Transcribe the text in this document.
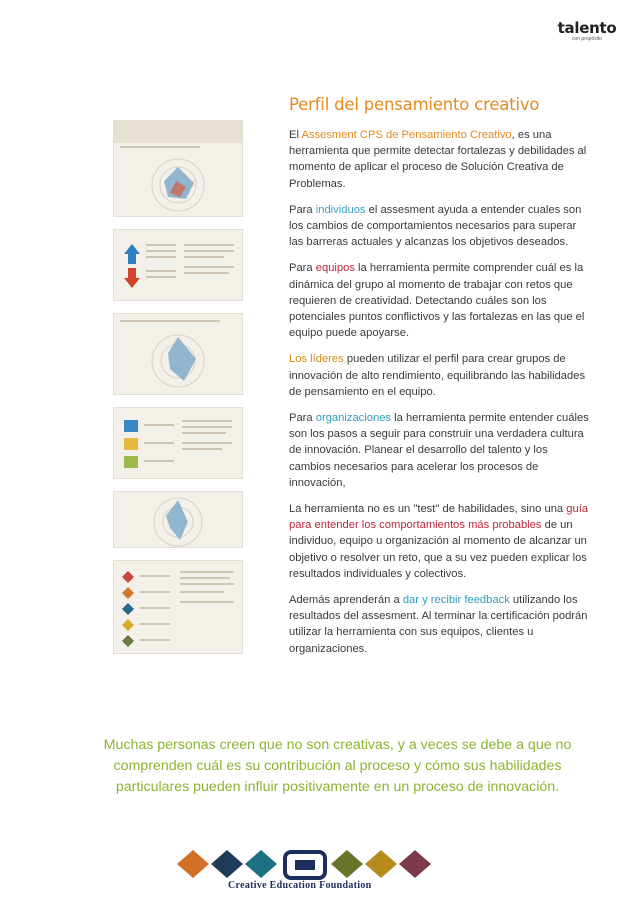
talento
con propósito
Perfil del pensamiento creativo

El Assesment CPS de Pensamiento Creativo, es una herramienta que permite detectar fortalezas y debilidades al momento de aplicar el proceso de Solución Creativa de Problemas.

Para individuos el assesment ayuda a entender cuales son los cambios de comportamientos necesarios para superar las barreras actuales y alcanzas los objetivos deseados.

Para equipos la herramienta permite comprender cuál es la dinámica del grupo al momento de trabajar con retos que requieren de creatividad. Detectando cuáles son los potenciales puntos conflictivos y las fortalezas en las que el equipo puede apoyarse.

Los líderes pueden utilizar el perfil para crear grupos de innovación de alto rendimiento, equilibrando las habilidades de pensamiento en el equipo.

Para organizaciones la herramienta permite entender cuáles son los pasos a seguir para construir una verdadera cultura de innovación. Planear el desarrollo del talento y los cambios necesarios para acelerar los procesos de innovación,

La herramienta no es un "test" de habilidades, sino una guía para entender los comportamientos más probables de un individuo, equipo u organización al momento de alcanzar un objetivo o resolver un reto, que a su vez pueden explicar los resultados individuales y colectivos.

Además aprenderán a dar y recibir feedback utilizando los resultados del assesment. Al terminar la certificación podrán utilizar la herramienta con sus equipos, clientes u organizaciones.

Muchas personas creen que no son creativas, y a veces se debe a que no comprenden cuál es su contribución al proceso y cómo sus habilidades particulares pueden influir positivamente en un proceso de innovación.
Creative Education Foundation
